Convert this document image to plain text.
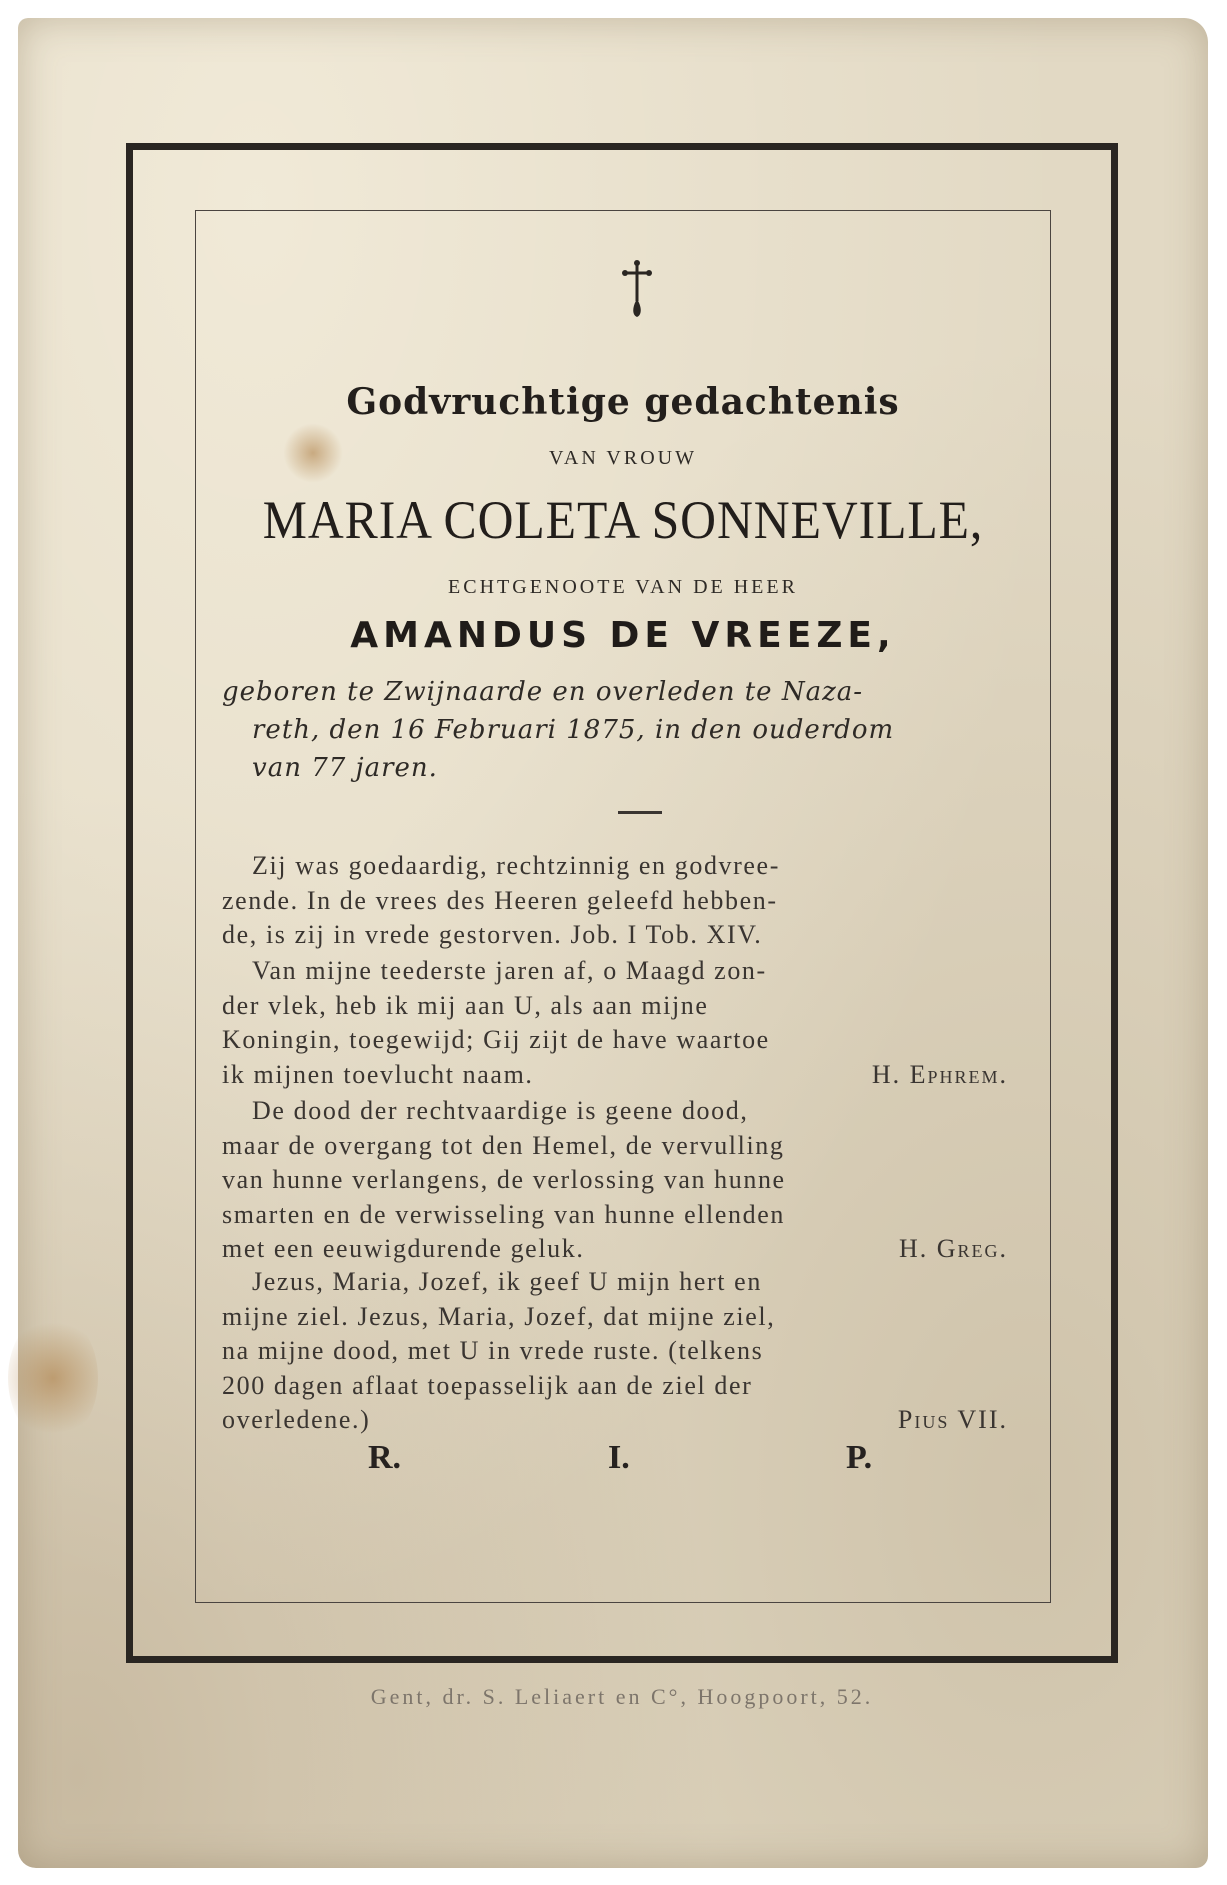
Godvruchtige gedachtenis
VAN VROUW
MARIA COLETA SONNEVILLE,
ECHTGENOOTE VAN DE HEER
AMANDUS DE VREEZE,
geboren te Zwijnaarde en overleden te Naza-
reth, den 16 Februari 1875, in den ouderdom
van 77 jaren.
Zij was goedaardig, rechtzinnig en godvree-
zende. In de vrees des Heeren geleefd hebben-
de, is zij in vrede gestorven. Job. I Tob. XIV.
Van mijne teederste jaren af, o Maagd zon-
der vlek, heb ik mij aan U, als aan mijne
Koningin, toegewijd; Gij zijt de have waartoe
ik mijnen toevlucht naam.	H. Ephrem.
De dood der rechtvaardige is geene dood,
maar de overgang tot den Hemel, de vervulling
van hunne verlangens, de verlossing van hunne
smarten en de verwisseling van hunne ellenden
met een eeuwigdurende geluk.	H. Greg.
Jezus, Maria, Jozef, ik geef U mijn hert en
mijne ziel. Jezus, Maria, Jozef, dat mijne ziel,
na mijne dood, met U in vrede ruste. (telkens
200 dagen aflaat toepasselijk aan de ziel der
overledene.)	Pius VII.
R.	I.	P.
Gent, dr. S. Leliaert en C°, Hoogpoort, 52.
